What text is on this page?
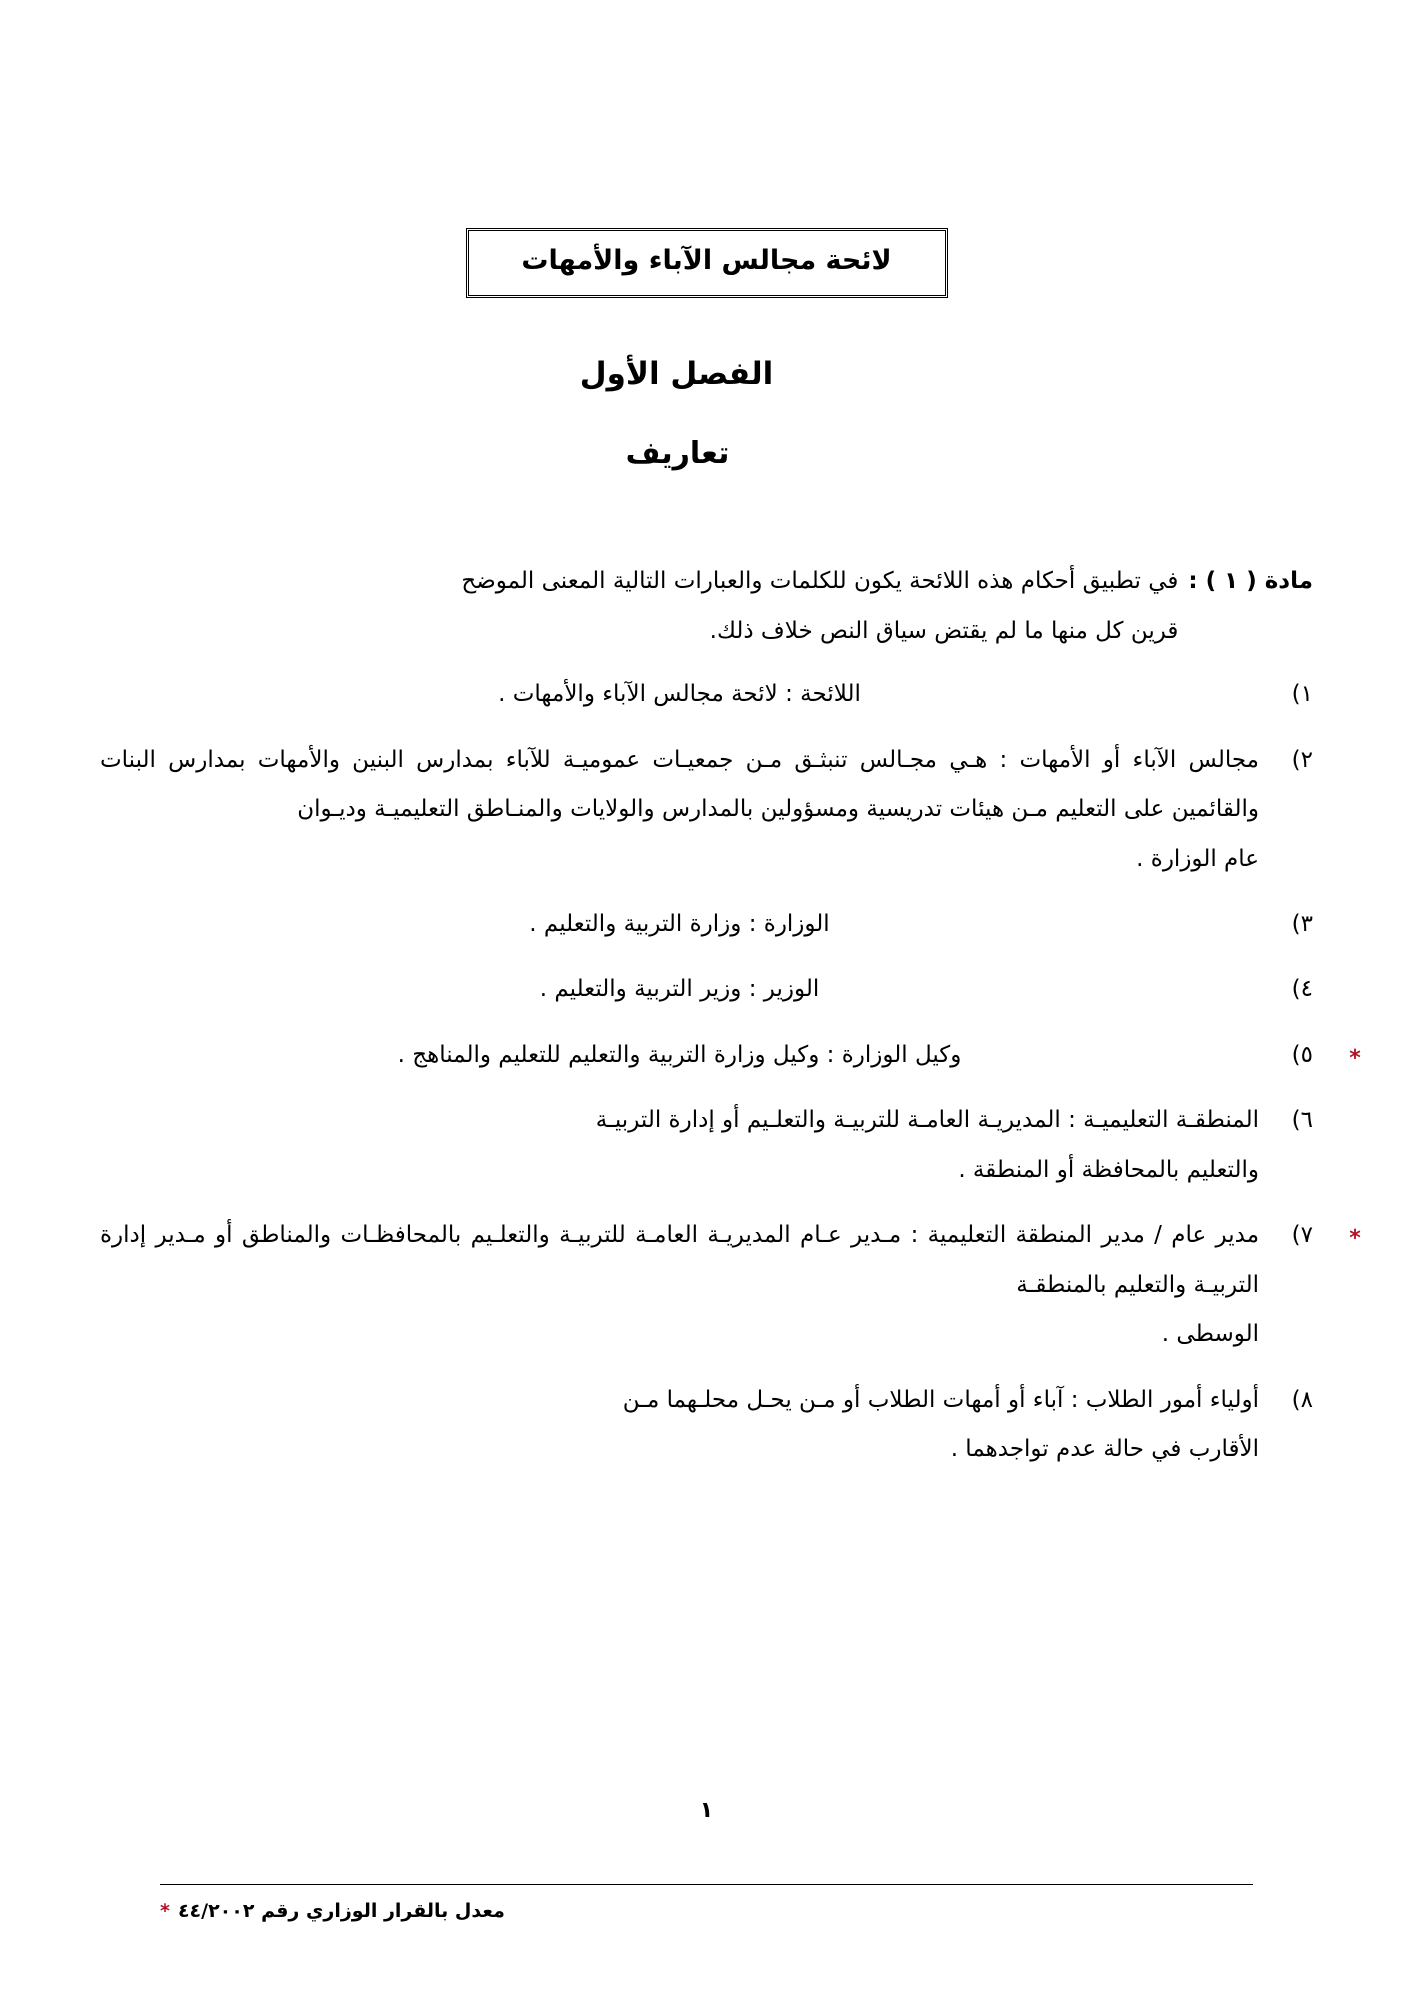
لائحة مجالس الآباء والأمهات
الفصل الأول
تعاريف
مادة ( ١ ) :
في تطبيق أحكام هذه اللائحة يكون للكلمات والعبارات التالية المعنى الموضح
قرين كل منها ما لم يقتض سياق النص خلاف ذلك.
١)
اللائحة : لائحة مجالس الآباء والأمهات .
٢)
مجالس الآباء أو الأمهات : هـي مجـالس تنبثـق مـن جمعيـات عموميـة للآباء بمدارس البنين والأمهات بمدارس البنات والقائمين على التعليم مـن هيئات تدريسية ومسؤولين بالمدارس والولايات والمنـاطق التعليميـة وديـوان
عام الوزارة .
٣)
الوزارة : وزارة التربية والتعليم .
٤)
الوزير : وزير التربية والتعليم .
*
٥)
وكيل الوزارة : وكيل وزارة التربية والتعليم للتعليم والمناهج .
٦)
المنطقـة التعليميـة : المديريـة العامـة للتربيـة والتعلـيم أو إدارة التربيـة
والتعليم بالمحافظة أو المنطقة .
*
٧)
مدير عام / مدير المنطقة التعليمية : مـدير عـام المديريـة العامـة للتربيـة والتعلـيم بالمحافظـات والمناطق أو مـدير إدارة التربيـة والتعليم بالمنطقـة
الوسطى .
٨)
أولياء أمور الطلاب : آباء أو أمهات الطلاب أو مـن يحـل محلـهما مـن
الأقارب في حالة عدم تواجدهما .
١
* معدل بالقرار الوزاري رقم ٤٤/٢٠٠٢
